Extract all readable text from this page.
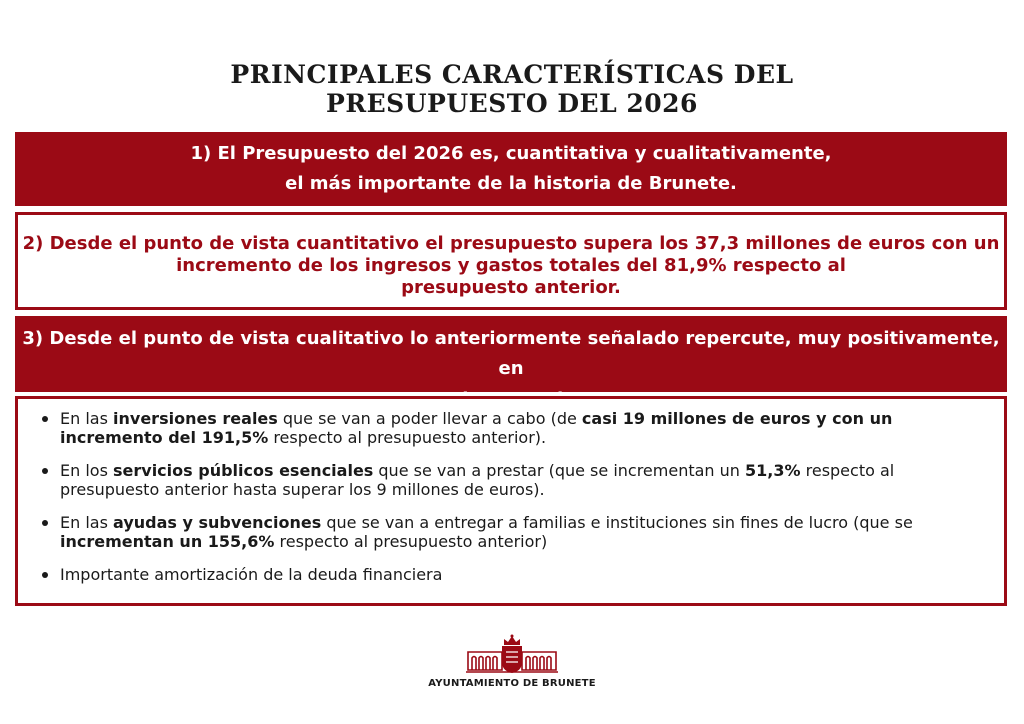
PRINCIPALES CARACTERÍSTICAS DEL
PRESUPUESTO DEL 2026
1) El Presupuesto del 2026 es, cuantitativa y cualitativamente,
el más importante de la historia de Brunete.
2) Desde el punto de vista cuantitativo el presupuesto supera los 37,3 millones de euros con un
incremento de los ingresos y gastos totales del 81,9% respecto al
presupuesto anterior.
3) Desde el punto de vista cualitativo lo anteriormente señalado repercute, muy positivamente, en
En las inversiones reales que se van a poder llevar a cabo (de casi 19 millones de euros y con un incremento del 191,5% respecto al presupuesto anterior).
En los servicios públicos esenciales que se van a prestar (que se incrementan un 51,3% respecto al presupuesto anterior hasta superar los 9 millones de euros).
En las ayudas y subvenciones que se van a entregar a familias e instituciones sin fines de lucro (que se incrementan un 155,6% respecto al presupuesto anterior)
Importante amortización de la deuda financiera
AYUNTAMIENTO DE BRUNETE
